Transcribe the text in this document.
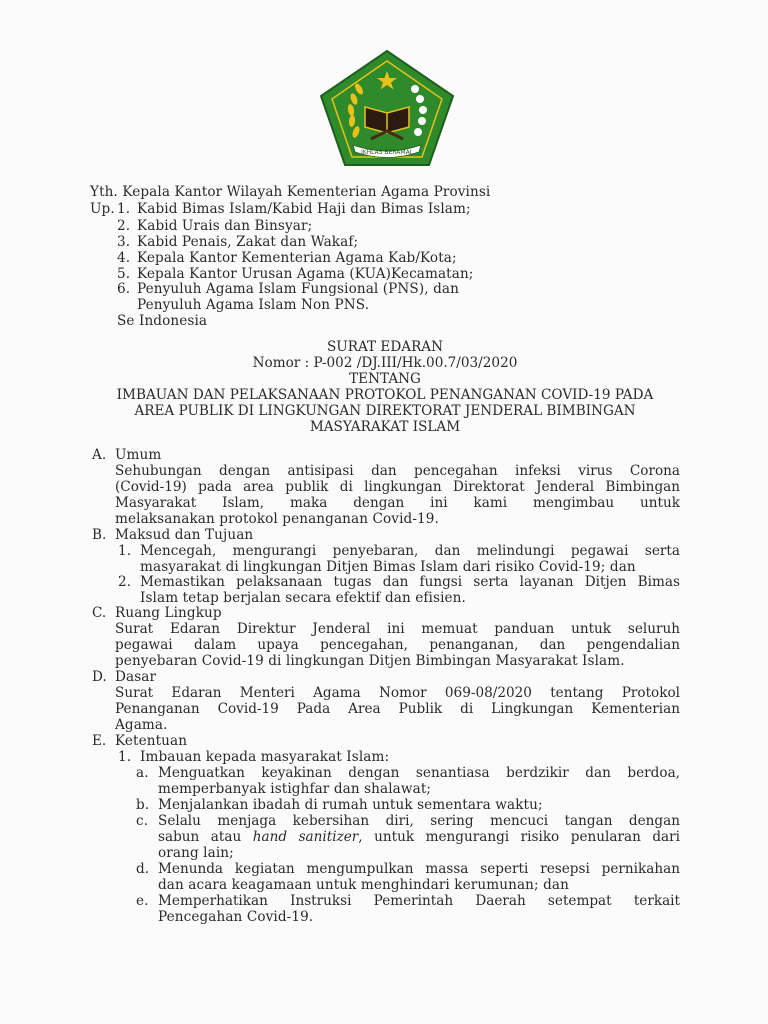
IKHLAS BERAMAL
Yth. Kepala Kantor Wilayah Kementerian Agama Provinsi
Up. 1. Kabid Bimas Islam/Kabid Haji dan Bimas Islam;
2. Kabid Urais dan Binsyar;
3. Kabid Penais, Zakat dan Wakaf;
4. Kepala Kantor Kementerian Agama Kab/Kota;
5. Kepala Kantor Urusan Agama (KUA)Kecamatan;
6. Penyuluh Agama Islam Fungsional (PNS), dan
Penyuluh Agama Islam Non PNS.
Se Indonesia
SURAT EDARAN
Nomor : P-002 /DJ.III/Hk.00.7/03/2020
TENTANG
IMBAUAN DAN PELAKSANAAN PROTOKOL PENANGANAN COVID-19 PADA
AREA PUBLIK DI LINGKUNGAN DIREKTORAT JENDERAL BIMBINGAN
MASYARAKAT ISLAM
A. Umum
Sehubungan dengan antisipasi dan pencegahan infeksi virus Corona
(Covid-19) pada area publik di lingkungan Direktorat Jenderal Bimbingan
Masyarakat Islam, maka dengan ini kami mengimbau untuk
melaksanakan protokol penanganan Covid-19.
B. Maksud dan Tujuan
1. Mencegah, mengurangi penyebaran, dan melindungi pegawai serta
masyarakat di lingkungan Ditjen Bimas Islam dari risiko Covid-19; dan
2. Memastikan pelaksanaan tugas dan fungsi serta layanan Ditjen Bimas
Islam tetap berjalan secara efektif dan efisien.
C. Ruang Lingkup
Surat Edaran Direktur Jenderal ini memuat panduan untuk seluruh
pegawai dalam upaya pencegahan, penanganan, dan pengendalian
penyebaran Covid-19 di lingkungan Ditjen Bimbingan Masyarakat Islam.
D. Dasar
Surat Edaran Menteri Agama Nomor 069-08/2020 tentang Protokol
Penanganan Covid-19 Pada Area Publik di Lingkungan Kementerian
Agama.
E. Ketentuan
1. Imbauan kepada masyarakat Islam:
a. Menguatkan keyakinan dengan senantiasa berdzikir dan berdoa,
memperbanyak istighfar dan shalawat;
b. Menjalankan ibadah di rumah untuk sementara waktu;
c. Selalu menjaga kebersihan diri, sering mencuci tangan dengan
sabun atau hand sanitizer, untuk mengurangi risiko penularan dari
orang lain;
d. Menunda kegiatan mengumpulkan massa seperti resepsi pernikahan
dan acara keagamaan untuk menghindari kerumunan; dan
e. Memperhatikan Instruksi Pemerintah Daerah setempat terkait
Pencegahan Covid-19.
